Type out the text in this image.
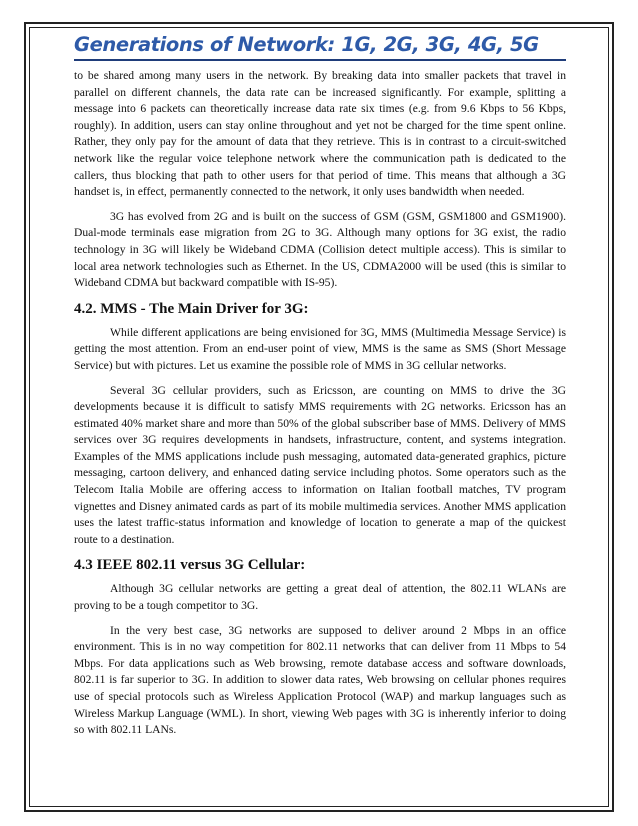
Generations of Network: 1G, 2G, 3G, 4G, 5G

to be shared among many users in the network. By breaking data into smaller packets that travel in parallel on different channels, the data rate can be increased significantly. For example, splitting a message into 6 packets can theoretically increase data rate six times (e.g. from 9.6 Kbps to 56 Kbps, roughly). In addition, users can stay online throughout and yet not be charged for the time spent online. Rather, they only pay for the amount of data that they retrieve. This is in contrast to a circuit-switched network like the regular voice telephone network where the communication path is dedicated to the callers, thus blocking that path to other users for that period of time. This means that although a 3G handset is, in effect, permanently connected to the network, it only uses bandwidth when needed.

3G has evolved from 2G and is built on the success of GSM (GSM, GSM1800 and GSM1900). Dual-mode terminals ease migration from 2G to 3G. Although many options for 3G exist, the radio technology in 3G will likely be Wideband CDMA (Collision detect multiple access). This is similar to local area network technologies such as Ethernet. In the US, CDMA2000 will be used (this is similar to Wideband CDMA but backward compatible with IS-95).

4.2. MMS - The Main Driver for 3G:

While different applications are being envisioned for 3G, MMS (Multimedia Message Service) is getting the most attention. From an end-user point of view, MMS is the same as SMS (Short Message Service) but with pictures. Let us examine the possible role of MMS in 3G cellular networks.

Several 3G cellular providers, such as Ericsson, are counting on MMS to drive the 3G developments because it is difficult to satisfy MMS requirements with 2G networks. Ericsson has an estimated 40% market share and more than 50% of the global subscriber base of MMS. Delivery of MMS services over 3G requires developments in handsets, infrastructure, content, and systems integration. Examples of the MMS applications include push messaging, automated data-generated graphics, picture messaging, cartoon delivery, and enhanced dating service including photos. Some operators such as the Telecom Italia Mobile are offering access to information on Italian football matches, TV program vignettes and Disney animated cards as part of its mobile multimedia services. Another MMS application uses the latest traffic-status information and knowledge of location to generate a map of the quickest route to a destination.

4.3 IEEE 802.11 versus 3G Cellular:

Although 3G cellular networks are getting a great deal of attention, the 802.11 WLANs are proving to be a tough competitor to 3G.

In the very best case, 3G networks are supposed to deliver around 2 Mbps in an office environment. This is in no way competition for 802.11 networks that can deliver from 11 Mbps to 54 Mbps. For data applications such as Web browsing, remote database access and software downloads, 802.11 is far superior to 3G. In addition to slower data rates, Web browsing on cellular phones requires use of special protocols such as Wireless Application Protocol (WAP) and markup languages such as Wireless Markup Language (WML). In short, viewing Web pages with 3G is inherently inferior to doing so with 802.11 LANs.
